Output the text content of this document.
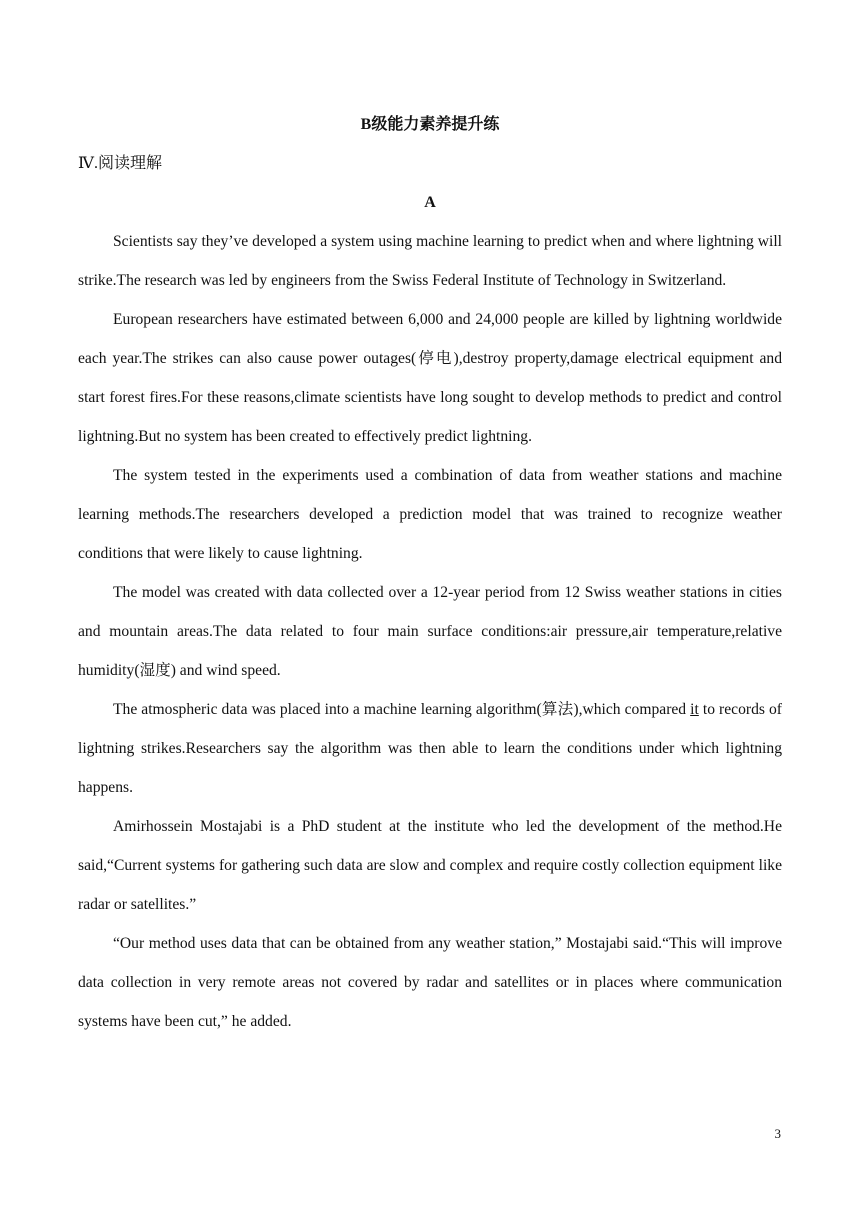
B级能力素养提升练
Ⅳ.阅读理解
A

Scientists say they’ve developed a system using machine learning to predict when and where lightning will strike.The research was led by engineers from the Swiss Federal Institute of Technology in Switzerland.

European researchers have estimated between 6,000 and 24,000 people are killed by lightning worldwide each year.The strikes can also cause power outages(停电),destroy property,damage electrical equipment and start forest fires.For these reasons,climate scientists have long sought to develop methods to predict and control lightning.But no system has been created to effectively predict lightning.

The system tested in the experiments used a combination of data from weather stations and machine learning methods.The researchers developed a prediction model that was trained to recognize weather conditions that were likely to cause lightning.

The model was created with data collected over a 12-year period from 12 Swiss weather stations in cities and mountain areas.The data related to four main surface conditions:air pressure,air temperature,relative humidity(湿度) and wind speed.

The atmospheric data was placed into a machine learning algorithm(算法),which compared it to records of lightning strikes.Researchers say the algorithm was then able to learn the conditions under which lightning happens.

Amirhossein Mostajabi is a PhD student at the institute who led the development of the method.He said,“Current systems for gathering such data are slow and complex and require costly collection equipment like radar or satellites.”

“Our method uses data that can be obtained from any weather station,” Mostajabi said.“This will improve data collection in very remote areas not covered by radar and satellites or in places where communication systems have been cut,” he added.

3
